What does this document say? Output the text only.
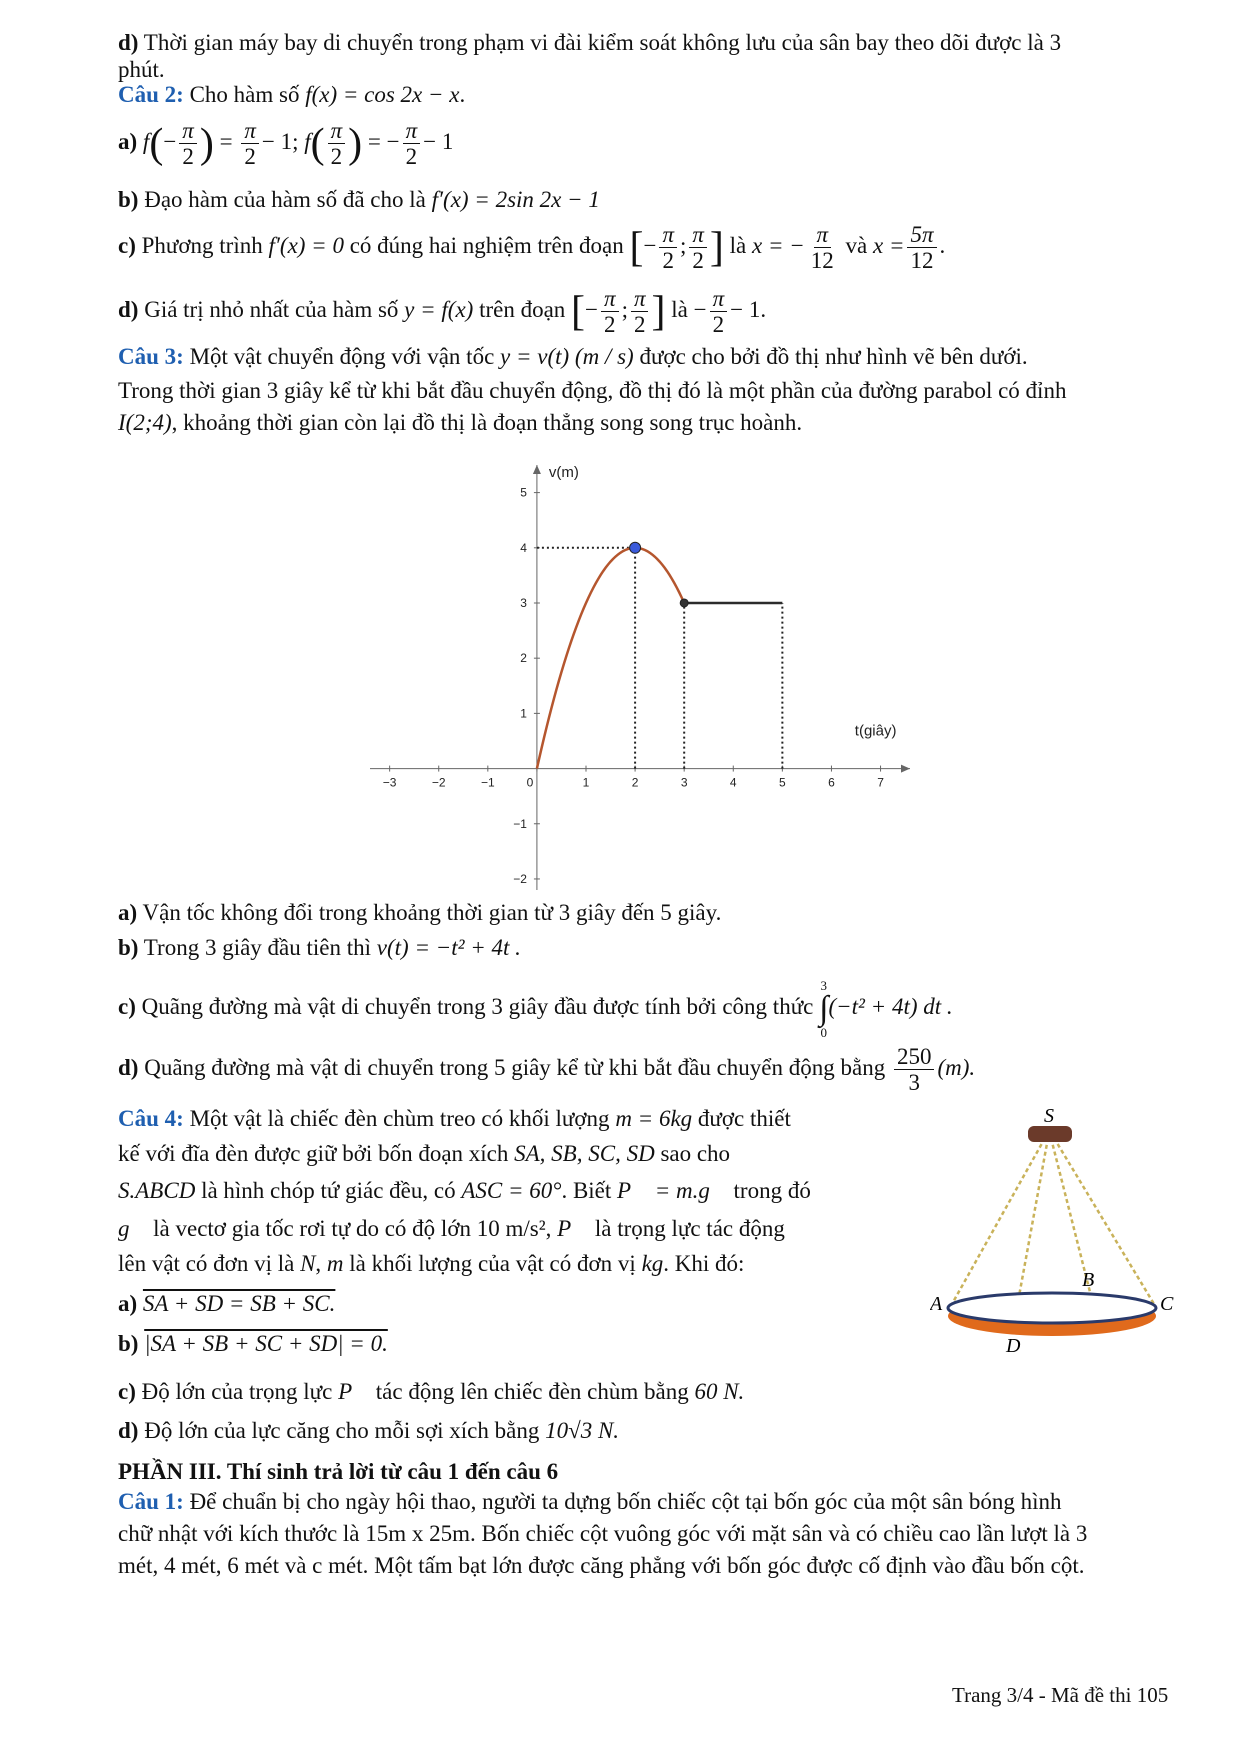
d) Thời gian máy bay di chuyển trong phạm vi đài kiểm soát không lưu của sân bay theo dõi được là 3
phút.
Câu 2: Cho hàm số f(x) = cos 2x − x.
a) $f(- \frac{\pi}{2}$ ) = $\frac{\pi}{2} - 1$; $f( \frac{\pi}{2}$ ) = − $\frac{\pi}{2} - 1$
b) Đạo hàm của hàm số đã cho là f′(x) = 2sin 2x − 1
c) Phương trình f′(x) = 0 có đúng hai nghiệm trên đoạn [− $\frac{\pi}{2}$ ; $\frac{\pi}{2}$ ] là x = − $\frac{\pi}{12}$ và $x = \frac{5\pi}{12}$ .
d) Giá trị nhỏ nhất của hàm số y = f(x) trên đoạn [− $\frac{\pi}{2}$ ; $\frac{\pi}{2}$ ] là − $\frac{\pi}{2} - 1$.
Câu 3: Một vật chuyển động với vận tốc y = v(t) (m / s) được cho bởi đồ thị như hình vẽ bên dưới.
Trong thời gian 3 giây kể từ khi bắt đầu chuyển động, đồ thị đó là một phần của đường parabol có đỉnh
I(2;4), khoảng thời gian còn lại đồ thị là đoạn thẳng song song trục hoành.
−3	−2	−1	0	1	2	3	4	5	6	7
−2
−1
1
2
3
4
5
v(m)
t(giây)
a) Vận tốc không đổi trong khoảng thời gian từ 3 giây đến 5 giây.
b) Trong 3 giây đầu tiên thì v(t) = −t² + 4t .
c) Quãng đường mà vật di chuyển trong 3 giây đầu được tính bởi công thức
3
∫
0
(−t² + 4t) dt .
d) Quãng đường mà vật di chuyển trong 5 giây kể từ khi bắt đầu chuyển động bằng $\frac{250}{3} (m)$.
Câu 4: Một vật là chiếc đèn chùm treo có khối lượng m = 6kg được thiết
kế với đĩa đèn được giữ bởi bốn đoạn xích SA, SB, SC, SD sao cho
S.ABCD là hình chóp tứ giác đều, có ASC = 60°. Biết P⃗ = m.g⃗ trong đó
g⃗ là vectơ gia tốc rơi tự do có độ lớn 10 m/s², P⃗ là trọng lực tác động
lên vật có đơn vị là N, m là khối lượng của vật có đơn vị kg. Khi đó:
a) SA + SD = SB + SC.
b) |SA + SB + SC + SD| = 0.
c) Độ lớn của trọng lực P⃗ tác động lên chiếc đèn chùm bằng 60 N.
d) Độ lớn của lực căng cho mỗi sợi xích bằng 10√3 N.
S
A
B
C
D
PHẦN III. Thí sinh trả lời từ câu 1 đến câu 6
Câu 1: Để chuẩn bị cho ngày hội thao, người ta dựng bốn chiếc cột tại bốn góc của một sân bóng hình
chữ nhật với kích thước là 15m x 25m. Bốn chiếc cột vuông góc với mặt sân và có chiều cao lần lượt là 3
mét, 4 mét, 6 mét và c mét. Một tấm bạt lớn được căng phẳng với bốn góc được cố định vào đầu bốn cột.
Trang 3/4 - Mã đề thi 105
